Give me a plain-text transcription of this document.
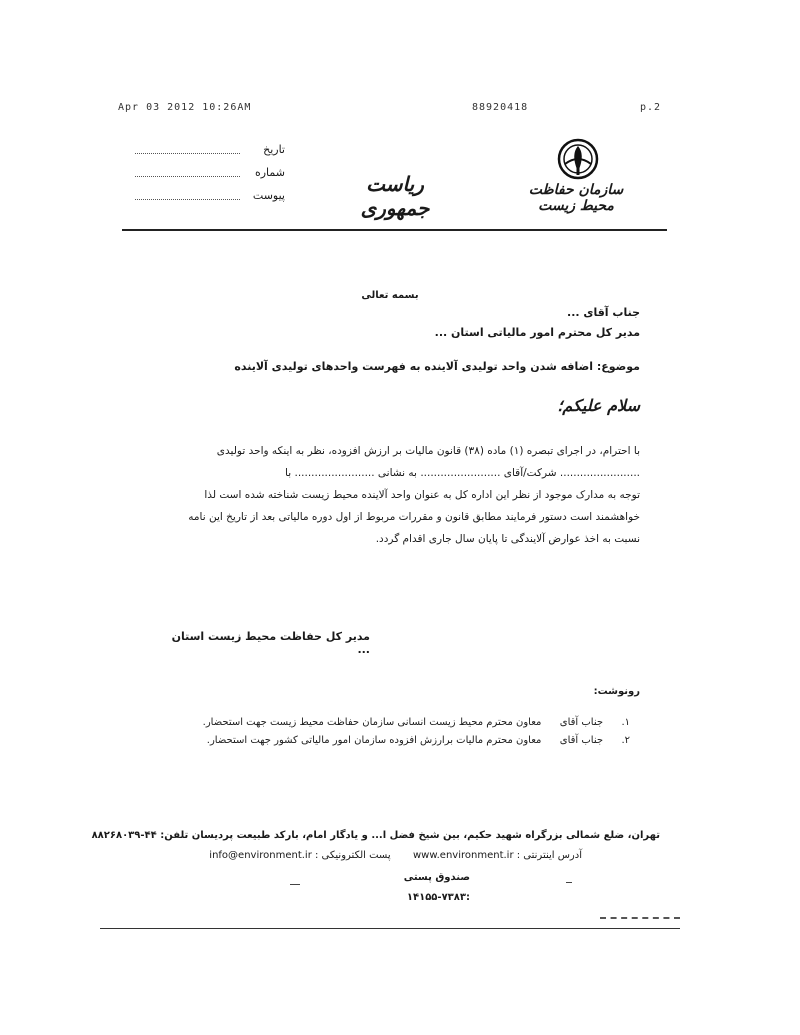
Apr 03 2012 10:26AM	88920418	p.2
تاریخ
شماره
پیوست	ریاست جمهوری
سازمان حفاظت محیط زیست
بسمه تعالی
جناب آقای ...
مدیر کل محترم امور مالیاتی استان ...
موضوع: اضافه شدن واحد تولیدی آلاینده به فهرست واحدهای تولیدی آلاینده
سلام علیکم؛
با احترام، در اجرای تبصره (۱) ماده (۳۸) قانون مالیات بر ارزش افزوده، نظر به اینکه واحد تولیدی
........................ شرکت/آقای ........................ به نشانی ........................ با
توجه به مدارک موجود از نظر این اداره کل به عنوان واحد آلاینده محیط زیست شناخته شده است لذا
خواهشمند است دستور فرمایند مطابق قانون و مقررات مربوط از اول دوره مالیاتی بعد از تاریخ این نامه
نسبت به اخذ عوارض آلایندگی تا پایان سال جاری اقدام گردد.
مدیر کل حفاظت محیط زیست استان ...
رونوشت:
۱.  جناب آقای  معاون محترم محیط زیست انسانی سازمان حفاظت محیط زیست جهت استحضار.
۲.  جناب آقای  معاون محترم مالیات برارزش افزوده سازمان امور مالیاتی کشور جهت استحضار.
تهران، ضلع شمالی بزرگراه شهید حکیم، بین شیخ فضل ا... و یادگار امام، بارکد طبیعت پردیسان تلفن: ۴۴-۸۸۲۶۸۰۳۹
آدرس اینترنتی : www.environment.ir  پست الکترونیکی : info@environment.ir
صندوق پستی :۷۳۸۳-۱۴۱۵۵
